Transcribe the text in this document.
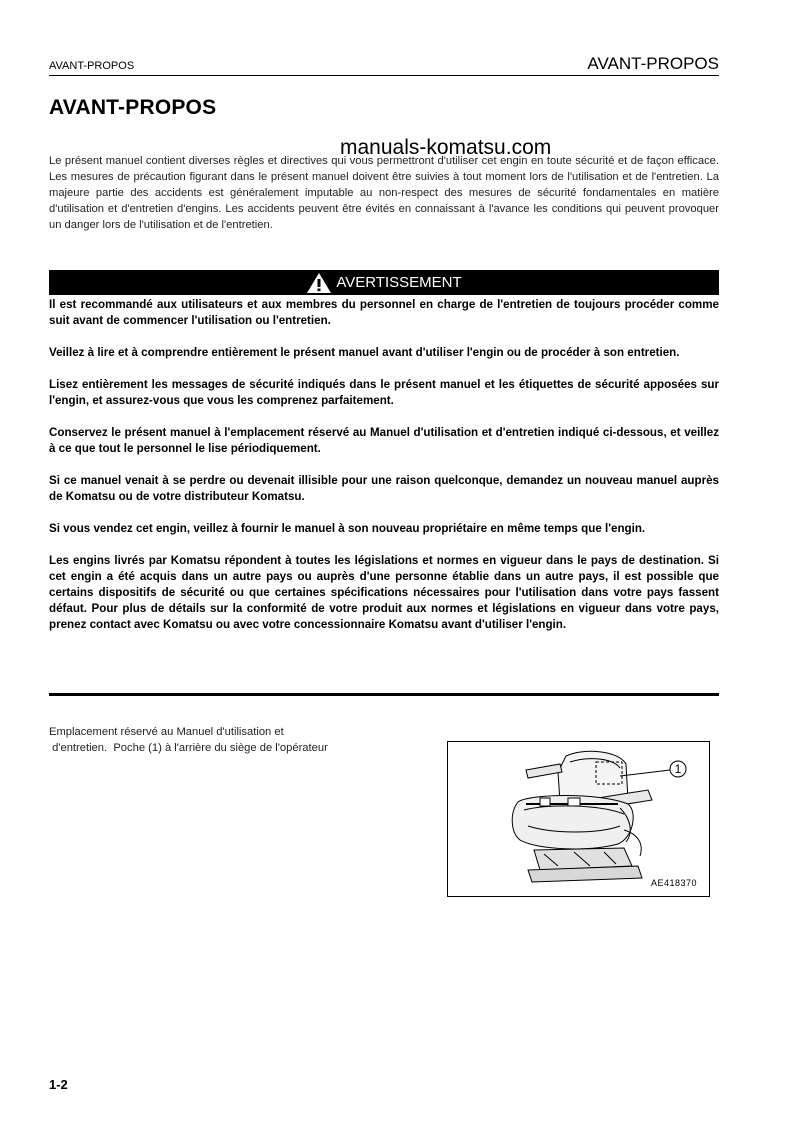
AVANT-PROPOS	AVANT-PROPOS
AVANT-PROPOS
manuals-komatsu.com
Le présent manuel contient diverses règles et directives qui vous permettront d'utiliser cet engin en toute sécurité et de façon efficace. Les mesures de précaution figurant dans le présent manuel doivent être suivies à tout moment lors de l'utilisation et de l'entretien. La majeure partie des accidents est généralement imputable au non-respect des mesures de sécurité fondamentales en matière d'utilisation et d'entretien d'engins. Les accidents peuvent être évités en connaissant à l'avance les conditions qui peuvent provoquer un danger lors de l'utilisation et de l'entretien.
AVERTISSEMENT

Il est recommandé aux utilisateurs et aux membres du personnel en charge de l'entretien de toujours procéder comme suit avant de commencer l'utilisation ou l'entretien.

Veillez à lire et à comprendre entièrement le présent manuel avant d'utiliser l'engin ou de procéder à son entretien.

Lisez entièrement les messages de sécurité indiqués dans le présent manuel et les étiquettes de sécurité apposées sur l'engin, et assurez-vous que vous les comprenez parfaitement.

Conservez le présent manuel à l'emplacement réservé au Manuel d'utilisation et d'entretien indiqué ci-dessous, et veillez à ce que tout le personnel le lise périodiquement.

Si ce manuel venait à se perdre ou devenait illisible pour une raison quelconque, demandez un nouveau manuel auprès de Komatsu ou de votre distributeur Komatsu.

Si vous vendez cet engin, veillez à fournir le manuel à son nouveau propriétaire en même temps que l'engin.

Les engins livrés par Komatsu répondent à toutes les législations et normes en vigueur dans le pays de destination. Si cet engin a été acquis dans un autre pays ou auprès d'une personne établie dans un autre pays, il est possible que certains dispositifs de sécurité ou que certaines spécifications nécessaires pour l'utilisation dans votre pays fassent défaut. Pour plus de détails sur la conformité de votre produit aux normes et législations en vigueur dans votre pays, prenez contact avec Komatsu ou avec votre concessionnaire Komatsu avant d'utiliser l'engin.

Emplacement réservé au Manuel d'utilisation et
d'entretien.  Poche (1) à l'arrière du siège de l'opérateur
1
AE418370
1-2
